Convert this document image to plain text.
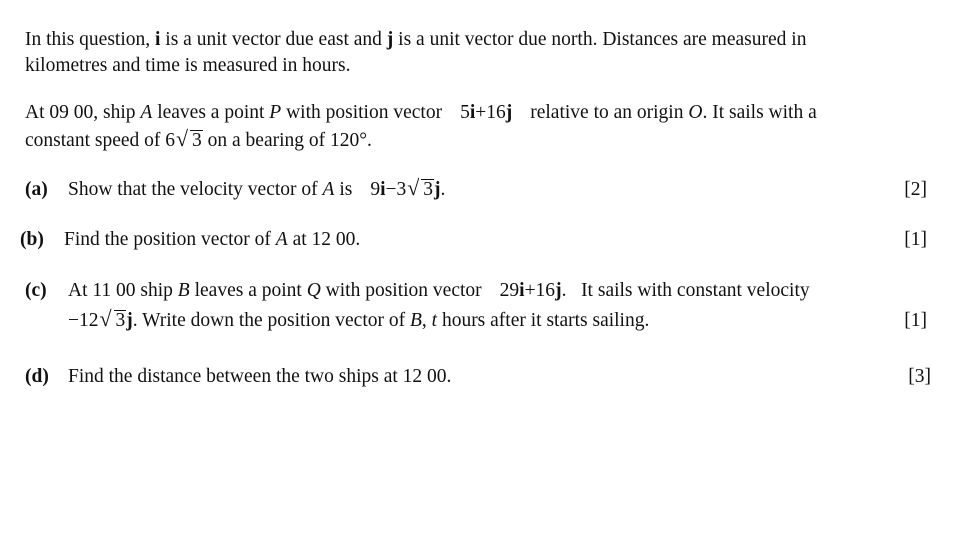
In this question, i is a unit vector due east and j is a unit vector due north. Distances are measured in
kilometres and time is measured in hours.
At 09 00, ship A leaves a point P with position vector 5i+16j relative to an origin O. It sails with a
constant speed of 6 √ 3 on a bearing of 120°.
(a) Show that the velocity vector of A is 9i−3 √ 3j.	[2]
(b) Find the position vector of A at 12 00.	[1]
(c) At 11 00 ship B leaves a point Q with position vector 29i+16j.   It sails with constant velocity
−12 √ 3j. Write down the position vector of B, t hours after it starts sailing.	[1]
(d) Find the distance between the two ships at 12 00.	[3]
